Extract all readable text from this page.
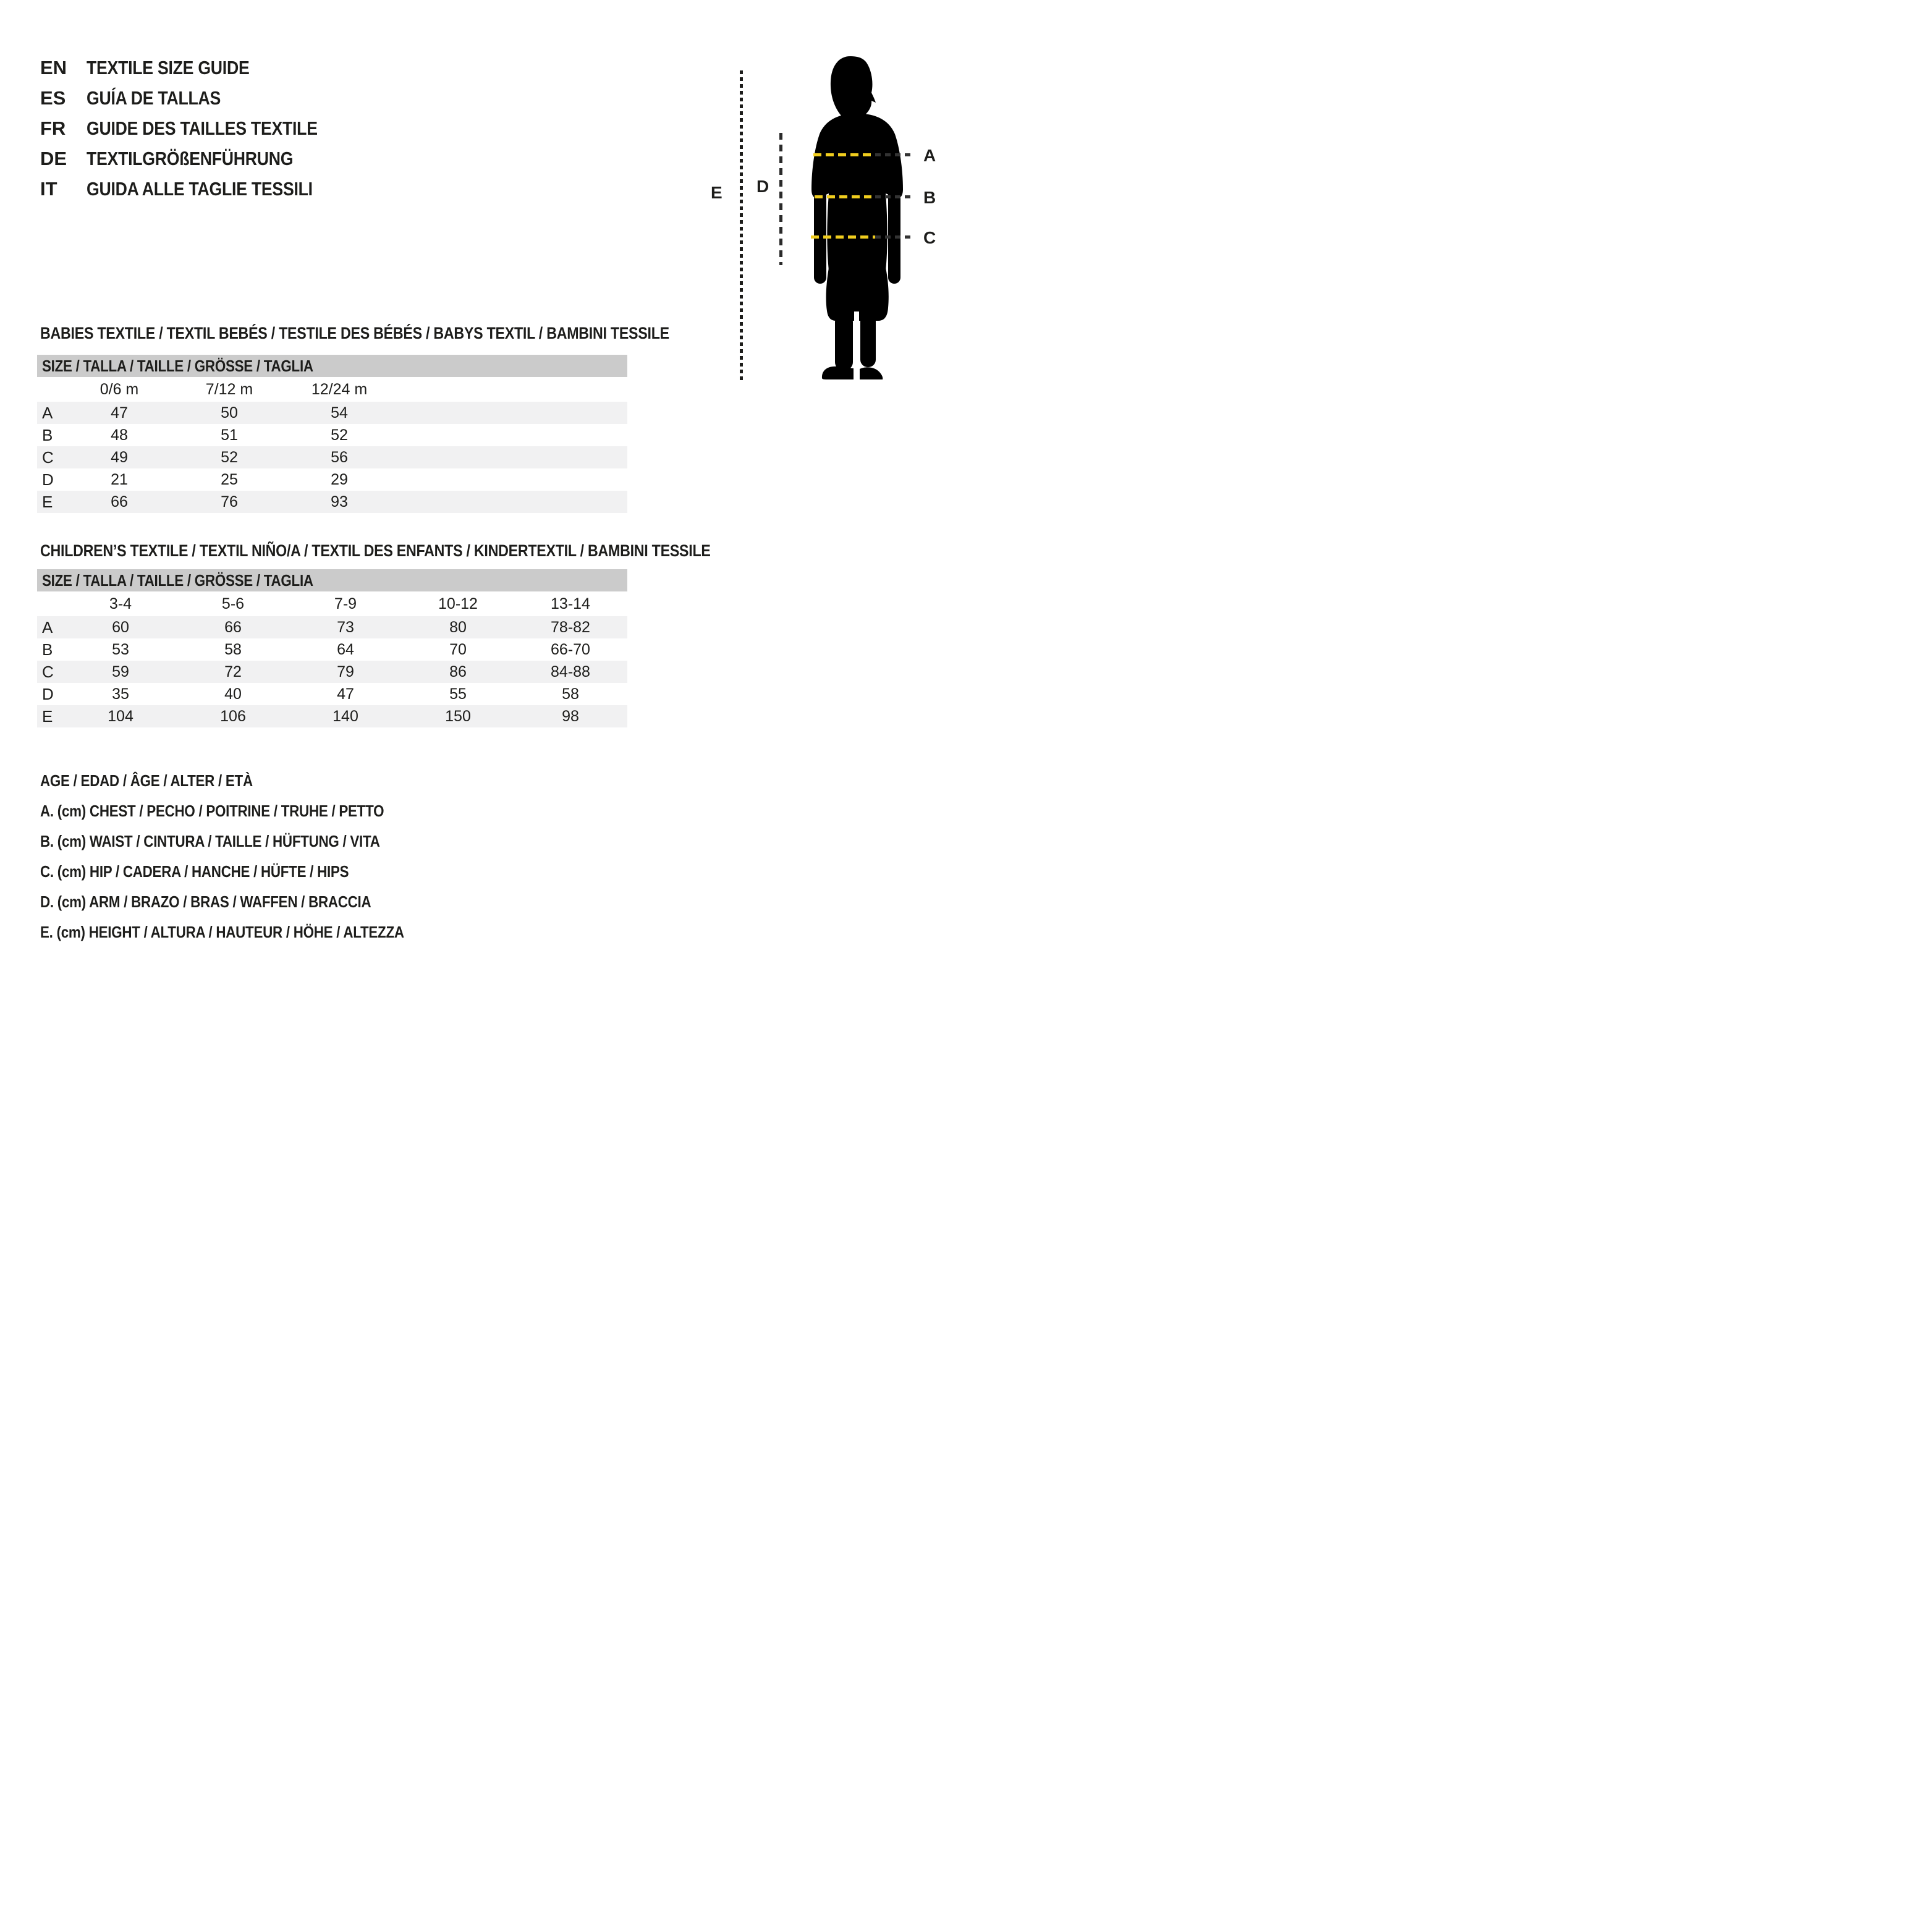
EN	TEXTILE SIZE GUIDE
ES	GUÍA DE TALLAS
FR	GUIDE DES TAILLES TEXTILE
DE	TEXTILGRÖßENFÜHRUNG
IT	GUIDA ALLE TAGLIE TESSILI	E D
A
B
C
BABIES TEXTILE / TEXTIL BEBÉS / TESTILE DES BÉBÉS / BABYS TEXTIL / BAMBINI TESSILE
SIZE / TALLA / TAILLE / GRÖSSE / TAGLIA
0/6 m	7/12 m	12/24 m
A	47	50	54
B	48	51	52
C	49	52	56
D	21	25	29
E	66	76	93
CHILDREN’S TEXTILE / TEXTIL NIÑO/A / TEXTIL DES ENFANTS / KINDERTEXTIL / BAMBINI TESSILE
SIZE / TALLA / TAILLE / GRÖSSE / TAGLIA
3-4	5-6	7-9	10-12	13-14
A	60	66	73	80	78-82
B	53	58	64	70	66-70
C	59	72	79	86	84-88
D	35	40	47	55	58
E	104	106	140	150	98
AGE / EDAD / ÂGE / ALTER / ETÀ
A. (cm) CHEST / PECHO / POITRINE / TRUHE / PETTO
B. (cm) WAIST / CINTURA / TAILLE / HÜFTUNG / VITA
C. (cm) HIP / CADERA / HANCHE / HÜFTE / HIPS
D. (cm) ARM / BRAZO / BRAS / WAFFEN / BRACCIA
E. (cm) HEIGHT / ALTURA / HAUTEUR / HÖHE / ALTEZZA
